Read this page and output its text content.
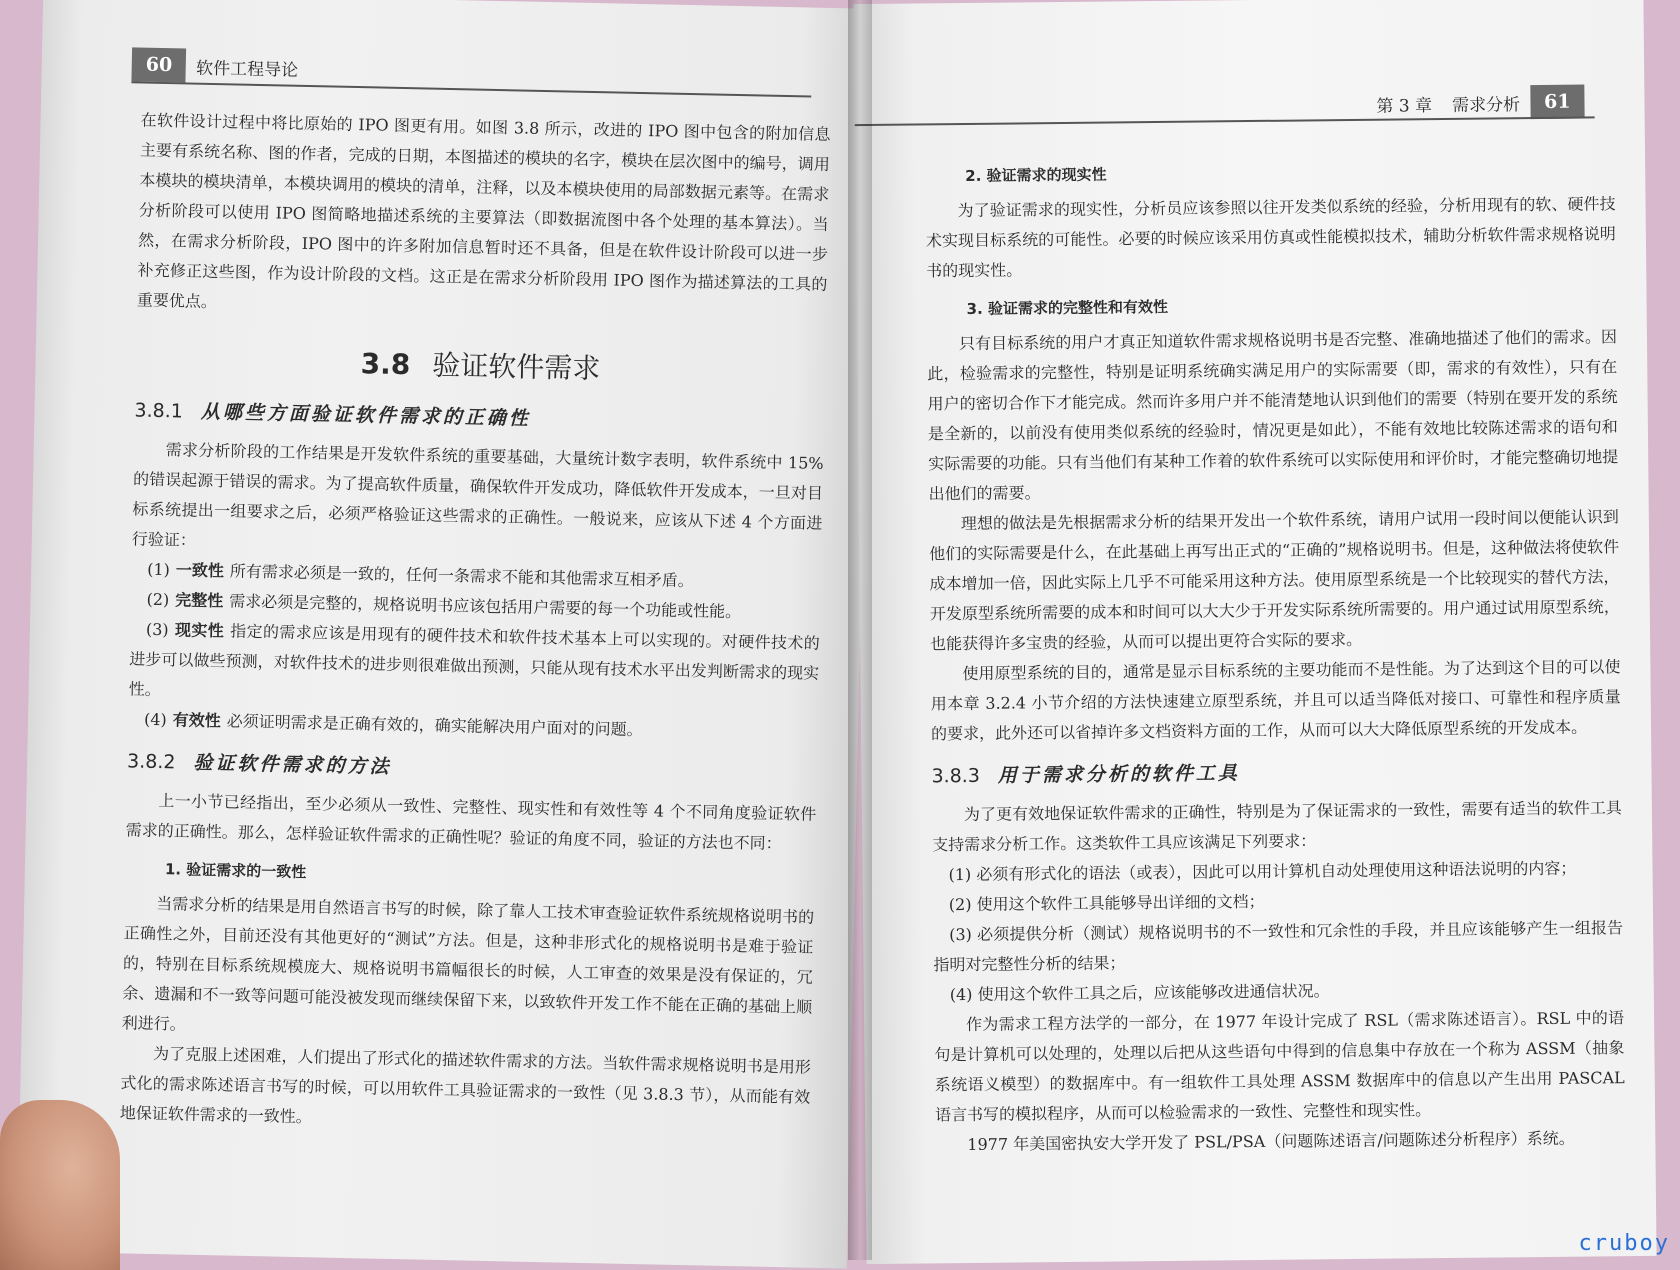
60	软件工程导论

在软件设计过程中将比原始的 IPO 图更有用。如图 3.8 所示，改进的 IPO 图中包含的附加信息主要有系统名称、图的作者，完成的日期，本图描述的模块的名字，模块在层次图中的编号，调用本模块的模块清单，本模块调用的模块的清单，注释，以及本模块使用的局部数据元素等。在需求分析阶段可以使用 IPO 图简略地描述系统的主要算法（即数据流图中各个处理的基本算法）。当然，在需求分析阶段，IPO 图中的许多附加信息暂时还不具备，但是在软件设计阶段可以进一步补充修正这些图，作为设计阶段的文档。这正是在需求分析阶段用 IPO 图作为描述算法的工具的重要优点。

3.8 验证软件需求
3.8.1 从哪些方面验证软件需求的正确性

需求分析阶段的工作结果是开发软件系统的重要基础，大量统计数字表明，软件系统中 15% 的错误起源于错误的需求。为了提高软件质量，确保软件开发成功，降低软件开发成本，一旦对目标系统提出一组要求之后，必须严格验证这些需求的正确性。一般说来，应该从下述 4 个方面进行验证：

(1) 一致性 所有需求必须是一致的，任何一条需求不能和其他需求互相矛盾。

(2) 完整性 需求必须是完整的，规格说明书应该包括用户需要的每一个功能或性能。

(3) 现实性 指定的需求应该是用现有的硬件技术和软件技术基本上可以实现的。对硬件技术的进步可以做些预测，对软件技术的进步则很难做出预测，只能从现有技术水平出发判断需求的现实性。

(4) 有效性 必须证明需求是正确有效的，确实能解决用户面对的问题。

3.8.2 验证软件需求的方法

上一小节已经指出，至少必须从一致性、完整性、现实性和有效性等 4 个不同角度验证软件需求的正确性。那么，怎样验证软件需求的正确性呢？验证的角度不同，验证的方法也不同：

1. 验证需求的一致性

当需求分析的结果是用自然语言书写的时候，除了靠人工技术审查验证软件系统规格说明书的正确性之外，目前还没有其他更好的“测试”方法。但是，这种非形式化的规格说明书是难于验证的，特别在目标系统规模庞大、规格说明书篇幅很长的时候，人工审查的效果是没有保证的，冗余、遗漏和不一致等问题可能没被发现而继续保留下来，以致软件开发工作不能在正确的基础上顺利进行。

为了克服上述困难，人们提出了形式化的描述软件需求的方法。当软件需求规格说明书是用形式化的需求陈述语言书写的时候，可以用软件工具验证需求的一致性（见 3.8.3 节），从而能有效地保证软件需求的一致性。

第 3 章 需求分析	61
2. 验证需求的现实性

为了验证需求的现实性，分析员应该参照以往开发类似系统的经验，分析用现有的软、硬件技术实现目标系统的可能性。必要的时候应该采用仿真或性能模拟技术，辅助分析软件需求规格说明书的现实性。

3. 验证需求的完整性和有效性

只有目标系统的用户才真正知道软件需求规格说明书是否完整、准确地描述了他们的需求。因此，检验需求的完整性，特别是证明系统确实满足用户的实际需要（即，需求的有效性），只有在用户的密切合作下才能完成。然而许多用户并不能清楚地认识到他们的需要（特别在要开发的系统是全新的，以前没有使用类似系统的经验时，情况更是如此），不能有效地比较陈述需求的语句和实际需要的功能。只有当他们有某种工作着的软件系统可以实际使用和评价时，才能完整确切地提出他们的需要。

理想的做法是先根据需求分析的结果开发出一个软件系统，请用户试用一段时间以便能认识到他们的实际需要是什么，在此基础上再写出正式的“正确的”规格说明书。但是，这种做法将使软件成本增加一倍，因此实际上几乎不可能采用这种方法。使用原型系统是一个比较现实的替代方法，开发原型系统所需要的成本和时间可以大大少于开发实际系统所需要的。用户通过试用原型系统，也能获得许多宝贵的经验，从而可以提出更符合实际的要求。

使用原型系统的目的，通常是显示目标系统的主要功能而不是性能。为了达到这个目的可以使用本章 3.2.4 小节介绍的方法快速建立原型系统，并且可以适当降低对接口、可靠性和程序质量的要求，此外还可以省掉许多文档资料方面的工作，从而可以大大降低原型系统的开发成本。

3.8.3 用于需求分析的软件工具

为了更有效地保证软件需求的正确性，特别是为了保证需求的一致性，需要有适当的软件工具支持需求分析工作。这类软件工具应该满足下列要求：

(1) 必须有形式化的语法（或表），因此可以用计算机自动处理使用这种语法说明的内容；

(2) 使用这个软件工具能够导出详细的文档；

(3) 必须提供分析（测试）规格说明书的不一致性和冗余性的手段，并且应该能够产生一组报告指明对完整性分析的结果；

(4) 使用这个软件工具之后，应该能够改进通信状况。

作为需求工程方法学的一部分，在 1977 年设计完成了 RSL（需求陈述语言）。RSL 中的语句是计算机可以处理的，处理以后把从这些语句中得到的信息集中存放在一个称为 ASSM（抽象系统语义模型）的数据库中。有一组软件工具处理 ASSM 数据库中的信息以产生出用 PASCAL 语言书写的模拟程序，从而可以检验需求的一致性、完整性和现实性。

1977 年美国密执安大学开发了 PSL/PSA（问题陈述语言/问题陈述分析程序）系统。

cruboy
